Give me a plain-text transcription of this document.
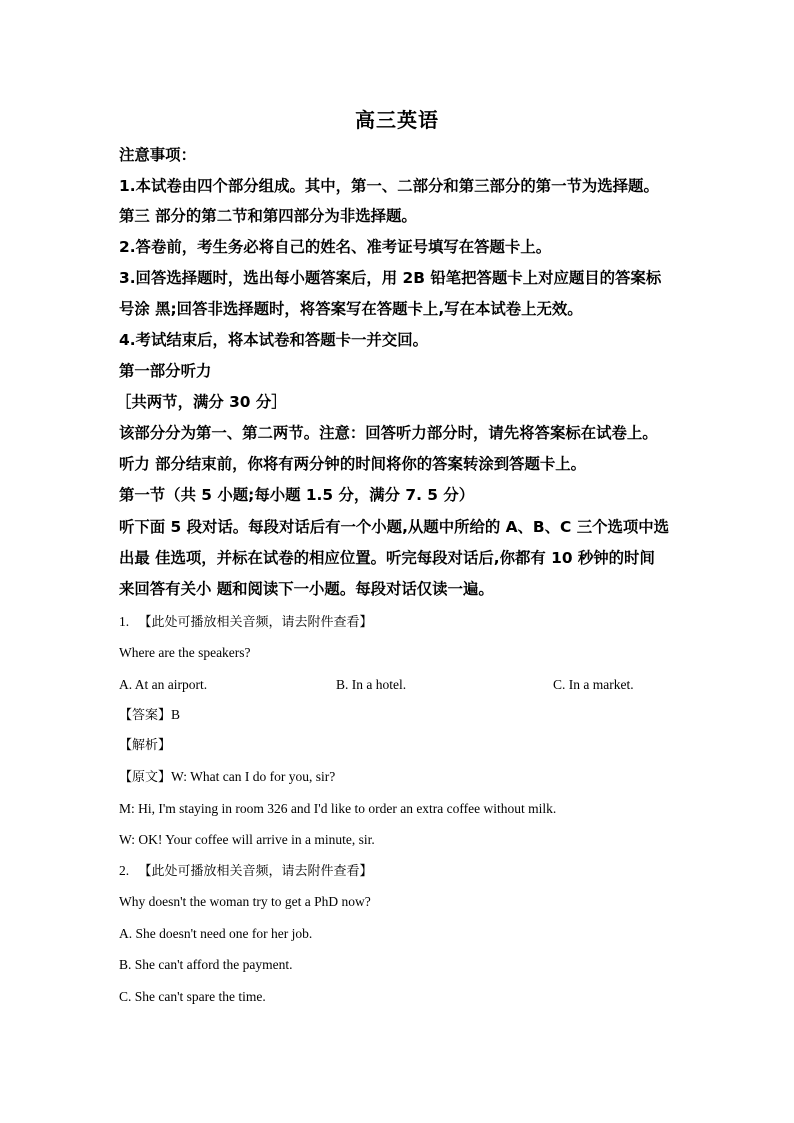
高三英语
注意事项：
1.本试卷由四个部分组成。其中，第一、二部分和第三部分的第一节为选择题。
第三 部分的第二节和第四部分为非选择题。
2.答卷前，考生务必将自己的姓名、准考证号填写在答题卡上。
3.回答选择题时，选出每小题答案后，用 2B 铅笔把答题卡上对应题目的答案标
号涂 黑;回答非选择题时，将答案写在答题卡上,写在本试卷上无效。
4.考试结束后，将本试卷和答题卡一并交回。
第一部分听力
［共两节，满分 30 分］
该部分分为第一、第二两节。注意：回答听力部分时，请先将答案标在试卷上。
听力 部分结束前，你将有两分钟的时间将你的答案转涂到答题卡上。
第一节（共 5 小题;每小题 1.5 分，满分 7. 5 分）
听下面 5 段对话。每段对话后有一个小题,从题中所给的 A、B、C 三个选项中选
出最 佳选项，并标在试卷的相应位置。听完每段对话后,你都有 10 秒钟的时间
来回答有关小 题和阅读下一小题。每段对话仅读一遍。
1. 【此处可播放相关音频，请去附件查看】
Where are the speakers?
A. At an airport.	B. In a hotel.	C. In a market.
【答案】B
【解析】
【原文】W: What can I do for you, sir?
M: Hi, I'm staying in room 326 and I'd like to order an extra coffee without milk.
W: OK! Your coffee will arrive in a minute, sir.
2. 【此处可播放相关音频，请去附件查看】
Why doesn't the woman try to get a PhD now?
A. She doesn't need one for her job.
B. She can't afford the payment.
C. She can't spare the time.
